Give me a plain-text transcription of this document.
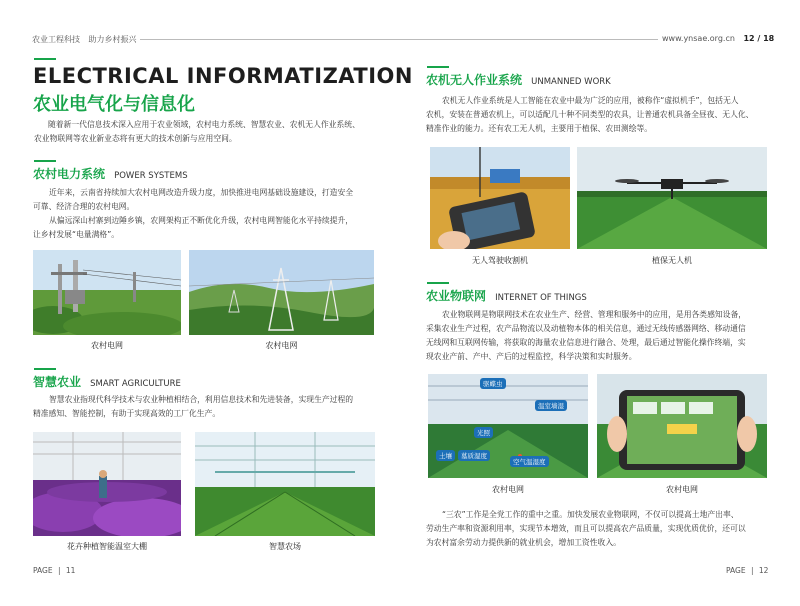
农业工程科技 助力乡村振兴	www.ynsae.org.cn 12 / 18
ELECTRICAL INFORMATIZATION
农业电气化与信息化
随着新一代信息技术深入应用于农业领域，农村电力系统、智慧农业、农机无人作业系统、
农业物联网等农业新业态将有更大的技术创新与应用空间。
农村电力系统 POWER SYSTEMS
近年来，云南省持续加大农村电网改造升级力度，加快推进电网基础设施建设，打造安全
可靠、经济合理的农村电网。
从偏远深山村寨到边陲乡镇，农网架构正不断优化升级，农村电网智能化水平持续提升，
让乡村发展“电量满格”。
农村电网	农村电网
智慧农业 SMART AGRICULTURE
智慧农业指现代科学技术与农业种植相结合，利用信息技术和先进装备，实现生产过程的
精准感知、智能控制，有助于实现高效的工厂化生产。
花卉种植智能温室大棚	智慧农场
PAGE | 11
农机无人作业系统 UNMANNED WORK
农机无人作业系统是人工智能在农业中最为广泛的应用，被称作“虚拟机手”，包括无人
农机，安装在普通农机上，可以适配几十种不同类型的农具，让普通农机具备全昼夜、无人化、
精准作业的能力。还有农工无人机，主要用于植保、农田测绘等。
无人驾驶收割机	植保无人机
农业物联网 INTERNET OF THINGS
农业物联网是物联网技术在农业生产、经营、管理和服务中的应用，是用各类感知设备，
采集农业生产过程，农产品物流以及动植物本体的相关信息，通过无线传感器网络、移动通信
无线网和互联网传输，将获取的海量农业信息进行融合、处理，最后通过智能化操作终端，实
现农业产前、产中、产后的过程监控，科学决策和实时服务。
驱蝶虫
温室墙湿
光照
土壤	墓质湿度
空气温湿度
农村电网	农村电网
“三农”工作是全党工作的重中之重。加快发展农业物联网，不仅可以提高土地产出率、
劳动生产率和资源利用率，实现节本增效，而且可以提高农产品质量，实现优质优价，还可以
为农村富余劳动力提供新的就业机会，增加工资性收入。
PAGE | 12
